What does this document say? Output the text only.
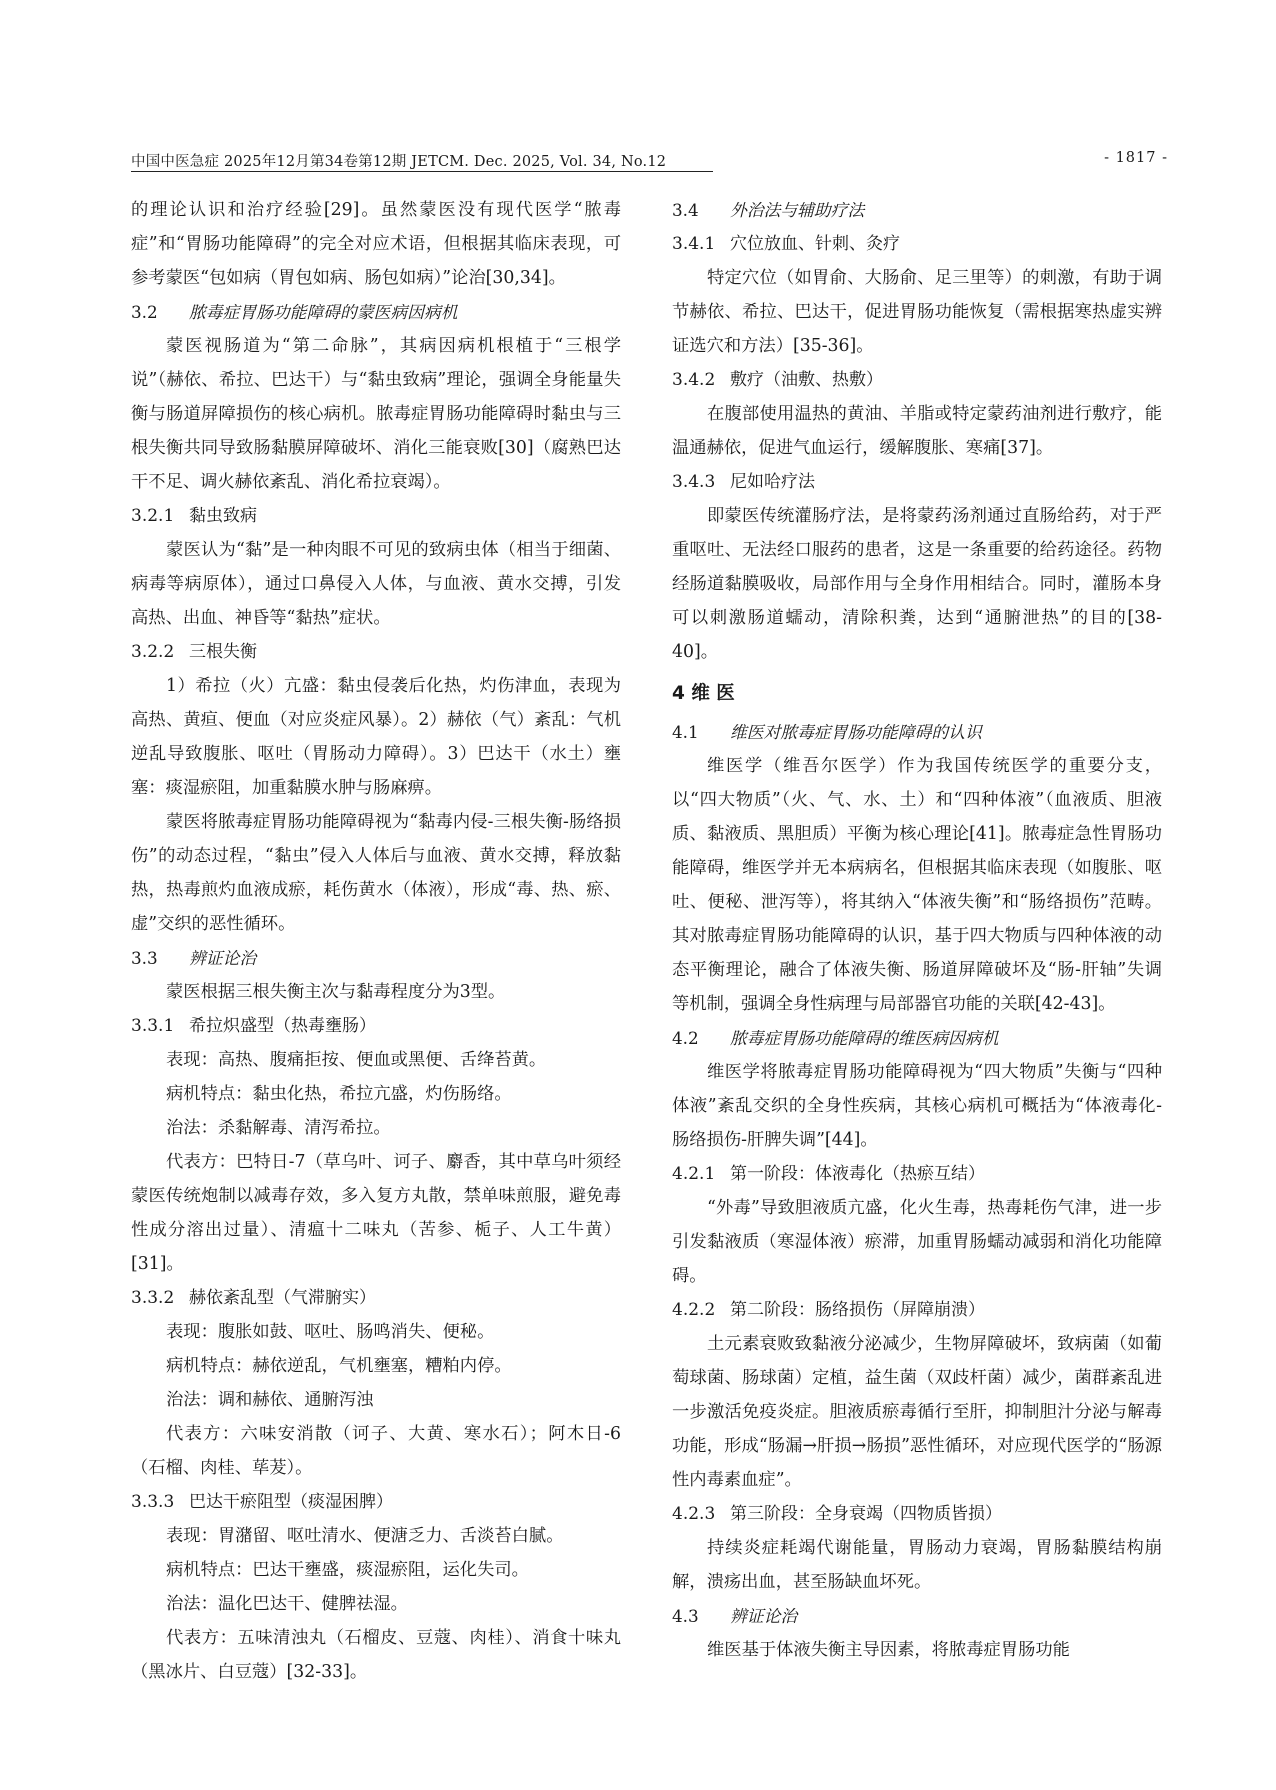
中国中医急症 2025年12月第34卷第12期 JETCM. Dec. 2025, Vol. 34, No.12	- 1817 -

的理论认识和治疗经验[29]。虽然蒙医没有现代医学“脓毒症”和“胃肠功能障碍”的完全对应术语，但根据其临床表现，可参考蒙医“包如病（胃包如病、肠包如病）”论治[30,34]。

3.2 脓毒症胃肠功能障碍的蒙医病因病机

蒙医视肠道为“第二命脉”，其病因病机根植于“三根学说”（赫依、希拉、巴达干）与“黏虫致病”理论，强调全身能量失衡与肠道屏障损伤的核心病机。脓毒症胃肠功能障碍时黏虫与三根失衡共同导致肠黏膜屏障破坏、消化三能衰败[30]（腐熟巴达干不足、调火赫依紊乱、消化希拉衰竭）。

3.2.1 黏虫致病

蒙医认为“黏”是一种肉眼不可见的致病虫体（相当于细菌、病毒等病原体），通过口鼻侵入人体，与血液、黄水交搏，引发高热、出血、神昏等“黏热”症状。

3.2.2 三根失衡

1）希拉（火）亢盛：黏虫侵袭后化热，灼伤津血，表现为高热、黄疸、便血（对应炎症风暴）。2）赫依（气）紊乱：气机逆乱导致腹胀、呕吐（胃肠动力障碍）。3）巴达干（水土）壅塞：痰湿瘀阻，加重黏膜水肿与肠麻痹。

蒙医将脓毒症胃肠功能障碍视为“黏毒内侵-三根失衡-肠络损伤”的动态过程，“黏虫”侵入人体后与血液、黄水交搏，释放黏热，热毒煎灼血液成瘀，耗伤黄水（体液），形成“毒、热、瘀、虚”交织的恶性循环。

3.3 辨证论治

蒙医根据三根失衡主次与黏毒程度分为3型。

3.3.1 希拉炽盛型（热毒壅肠）

表现：高热、腹痛拒按、便血或黑便、舌绛苔黄。

病机特点：黏虫化热，希拉亢盛，灼伤肠络。

治法：杀黏解毒、清泻希拉。

代表方：巴特日-7（草乌叶、诃子、麝香，其中草乌叶须经蒙医传统炮制以减毒存效，多入复方丸散，禁单味煎服，避免毒性成分溶出过量）、清瘟十二味丸（苦参、栀子、人工牛黄）[31]。

3.3.2 赫依紊乱型（气滞腑实）

表现：腹胀如鼓、呕吐、肠鸣消失、便秘。

病机特点：赫依逆乱，气机壅塞，糟粕内停。

治法：调和赫依、通腑泻浊

代表方：六味安消散（诃子、大黄、寒水石）；阿木日-6（石榴、肉桂、荜茇）。

3.3.3 巴达干瘀阻型（痰湿困脾）

表现：胃潴留、呕吐清水、便溏乏力、舌淡苔白腻。

病机特点：巴达干壅盛，痰湿瘀阻，运化失司。

治法：温化巴达干、健脾祛湿。

代表方：五味清浊丸（石榴皮、豆蔻、肉桂）、消食十味丸（黑冰片、白豆蔻）[32-33]。

3.4 外治法与辅助疗法
3.4.1 穴位放血、针刺、灸疗

特定穴位（如胃俞、大肠俞、足三里等）的刺激，有助于调节赫依、希拉、巴达干，促进胃肠功能恢复（需根据寒热虚实辨证选穴和方法）[35-36]。

3.4.2 敷疗（油敷、热敷）

在腹部使用温热的黄油、羊脂或特定蒙药油剂进行敷疗，能温通赫依，促进气血运行，缓解腹胀、寒痛[37]。

3.4.3 尼如哈疗法

即蒙医传统灌肠疗法，是将蒙药汤剂通过直肠给药，对于严重呕吐、无法经口服药的患者，这是一条重要的给药途径。药物经肠道黏膜吸收，局部作用与全身作用相结合。同时，灌肠本身可以刺激肠道蠕动，清除积粪，达到“通腑泄热”的目的[38-40]。

4 维 医
4.1 维医对脓毒症胃肠功能障碍的认识

维医学（维吾尔医学）作为我国传统医学的重要分支，以“四大物质”（火、气、水、土）和“四种体液”（血液质、胆液质、黏液质、黑胆质）平衡为核心理论[41]。脓毒症急性胃肠功能障碍，维医学并无本病病名，但根据其临床表现（如腹胀、呕吐、便秘、泄泻等），将其纳入“体液失衡”和“肠络损伤”范畴。其对脓毒症胃肠功能障碍的认识，基于四大物质与四种体液的动态平衡理论，融合了体液失衡、肠道屏障破坏及“肠-肝轴”失调等机制，强调全身性病理与局部器官功能的关联[42-43]。

4.2 脓毒症胃肠功能障碍的维医病因病机

维医学将脓毒症胃肠功能障碍视为“四大物质”失衡与“四种体液”紊乱交织的全身性疾病，其核心病机可概括为“体液毒化-肠络损伤-肝脾失调”[44]。

4.2.1 第一阶段：体液毒化（热瘀互结）

“外毒”导致胆液质亢盛，化火生毒，热毒耗伤气津，进一步引发黏液质（寒湿体液）瘀滞，加重胃肠蠕动减弱和消化功能障碍。

4.2.2 第二阶段：肠络损伤（屏障崩溃）

土元素衰败致黏液分泌减少，生物屏障破坏，致病菌（如葡萄球菌、肠球菌）定植，益生菌（双歧杆菌）减少，菌群紊乱进一步激活免疫炎症。胆液质瘀毒循行至肝，抑制胆汁分泌与解毒功能，形成“肠漏→肝损→肠损”恶性循环，对应现代医学的“肠源性内毒素血症”。

4.2.3 第三阶段：全身衰竭（四物质皆损）

持续炎症耗竭代谢能量，胃肠动力衰竭，胃肠黏膜结构崩解，溃疡出血，甚至肠缺血坏死。

4.3 辨证论治

维医基于体液失衡主导因素，将脓毒症胃肠功能
